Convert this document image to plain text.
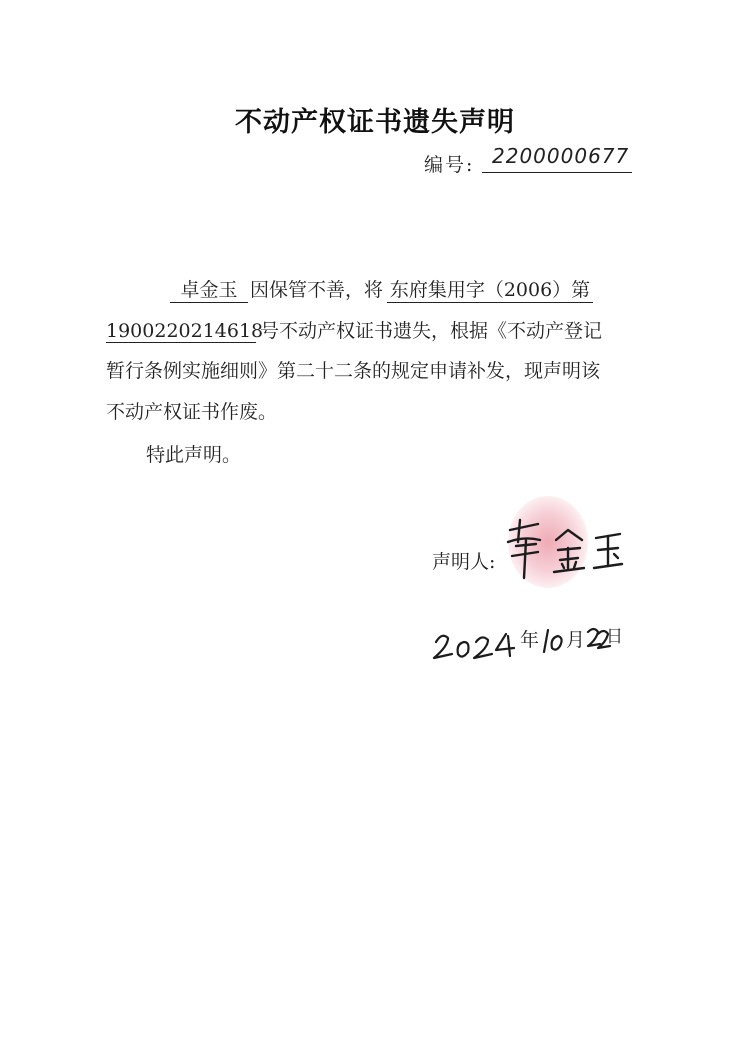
不动产权证书遗失声明
编号: 2200000677
卓金玉 因保管不善，将 东府集用字（2006）第
1900220214618号不动产权证书遗失，根据《不动产登记
暂行条例实施细则》第二十二条的规定申请补发，现声明该
不动产权证书作废。
特此声明。
声明人:
年 月 日
